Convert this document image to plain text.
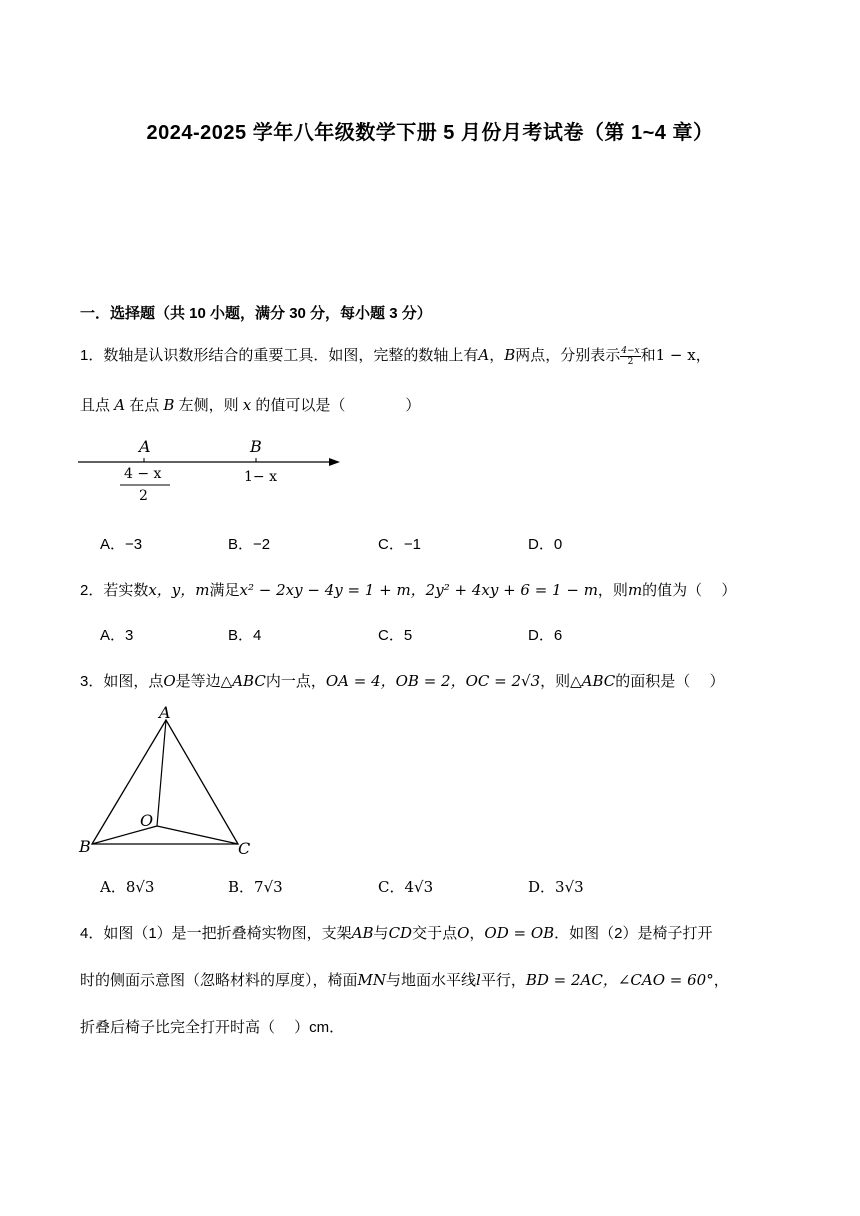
2024-2025 学年八年级数学下册 5 月份月考试卷（第 1~4 章）
一．选择题（共 10 小题，满分 30 分，每小题 3 分）
1．数轴是认识数形结合的重要工具．如图，完整的数轴上有A，B两点，分别表示 $\frac{4-x}{2}$ 和1 − x，
且点 A 在点 B 左侧，则 x 的值可以是（　　　　）
A	B
4 − x
2
1− x
A．−3	B．−2	C．−1	D．0
2．若实数x，y，m满足x² − 2xy − 4y = 1 + m，2y² + 4xy + 6 = 1 − m，则m的值为（　 ）
A．3	B．4	C．5	D．6
3．如图，点O是等边△ABC内一点，OA = 4，OB = 2，OC = 2√3，则△ABC的面积是（　 ）
A
B	C
O
A．8√3	B．7√3	C．4√3	D．3√3
4．如图（1）是一把折叠椅实物图，支架AB与CD交于点O，OD = OB．如图（2）是椅子打开
时的侧面示意图（忽略材料的厚度），椅面MN与地面水平线l平行，BD = 2AC，∠CAO = 60°，
折叠后椅子比完全打开时高（　 ）cm．
